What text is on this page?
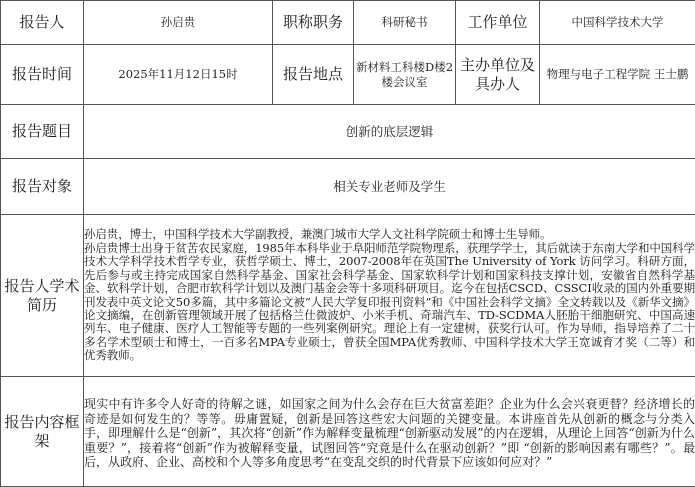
报告人	孙启贵	职称职务	科研秘书	工作单位	中国科学技术大学
报告时间	2025年11月12日15时	报告地点	新材料工科楼D楼2楼会议室	主办单位及具办人	物理与电子工程学院 王士鹏
报告题目	创新的底层逻辑				
报告对象	相关专业老师及学生				
报告人学术简历	孙启贵，博士，中国科学技术大学副教授，兼澳门城市大学人文社科学院硕士和博士生导师。

孙启贵博士出身于贫苦农民家庭，1985年本科毕业于阜阳师范学院物理系，获理学学士，其后就读于东南大学和中国科学技术大学科学技术哲学专业，获哲学硕士、博士，2007-2008年在英国The University of York 访问学习。科研方面，先后参与或主持完成国家自然科学基金、国家社会科学基金、国家软科学计划和国家科技支撑计划，安徽省自然科学基金、软科学计划，合肥市软科学计划以及澳门基金会等十多项科研项目。迄今在包括CSCD、CSSCI收录的国内外重要期刊发表中英文论文50多篇，其中多篇论文被“人民大学复印报刊资料”和《中国社会科学文摘》全文转载以及《新华文摘》论文摘编，在创新管理领域开展了包括格兰仕微波炉、小米手机、奇瑞汽车、TD-SCDMA人胚胎干细胞研究、中国高速列车、电子健康、医疗人工智能等专题的一些列案例研究。理论上有一定建树，获奖行认可。作为导师，指导培养了二十多名学术型硕士和博士，一百多名MPA专业硕士，曾获全国MPA优秀教师、中国科学技术大学王宽诚育才奖（二等）和优秀教师。				

报告内容框架	现实中有许多令人好奇的待解之谜，如国家之间为什么会存在巨大贫富差距？企业为什么会兴衰更替？经济增长的奇迹是如何发生的？等等。毋庸置疑，创新是回答这些宏大问题的关键变量。本讲座首先从创新的概念与分类入手，即理解什么是“创新”，其次将“创新”作为解释变量梳理“创新驱动发展”的内在逻辑，从理论上回答“创新为什么重要？”，接着将“创新”作为被解释变量，试图回答“究竟是什么在驱动创新？”即 “创新的影响因素有哪些？”。最后，从政府、企业、高校和个人等多角度思考“在变乱交织的时代背景下应该如何应对？”				
